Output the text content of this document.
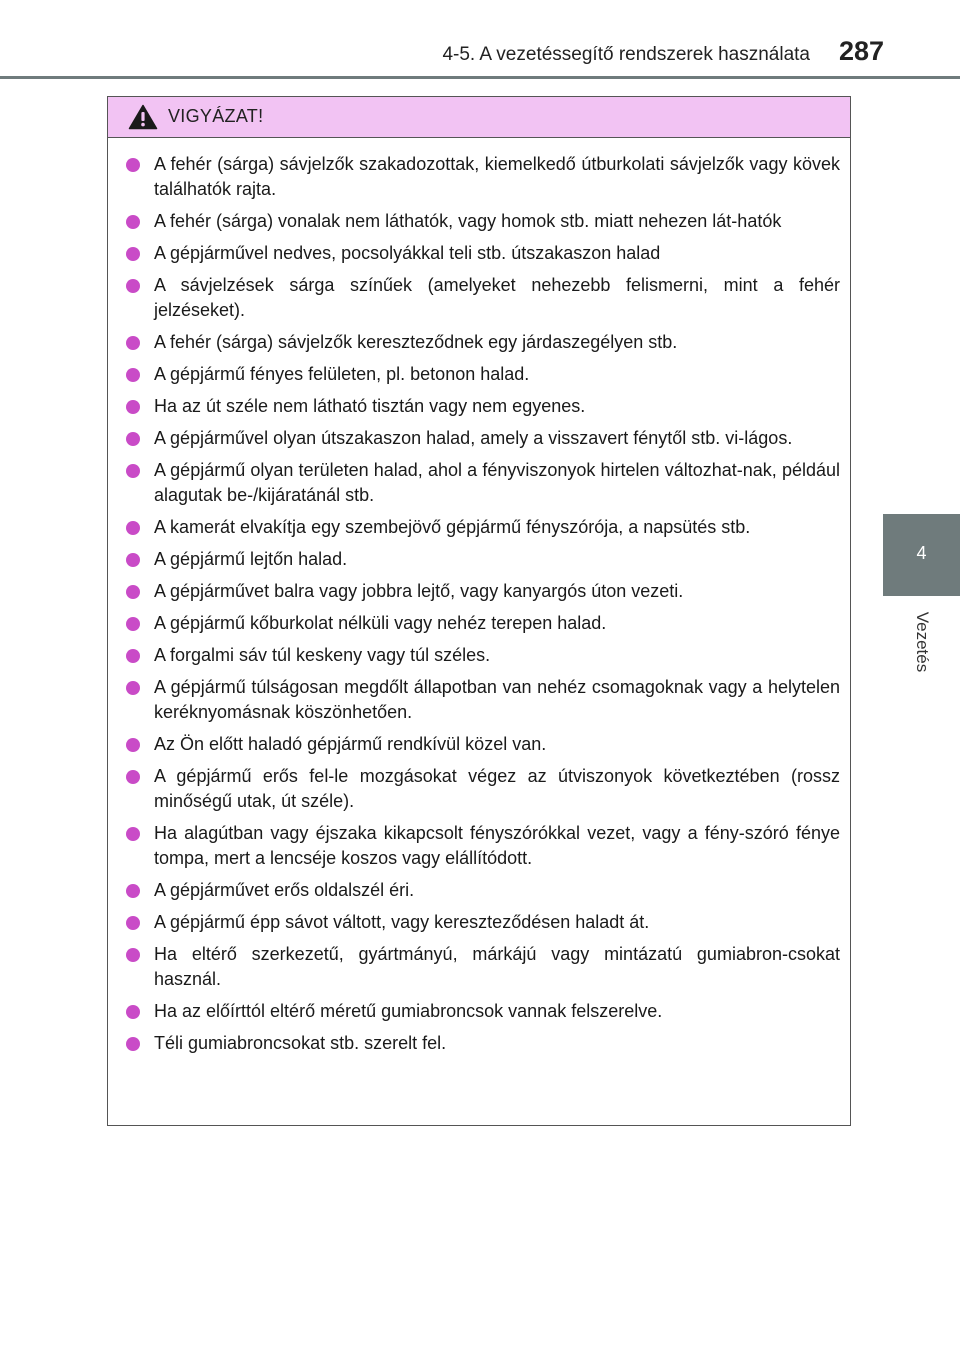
4-5. A vezetéssegítő rendszerek használata 287
4
Vezetés
VIGYÁZAT!
A fehér (sárga) sávjelzők szakadozottak, kiemelkedő útburkolati sávjelzők vagy kövek találhatók rajta.
A fehér (sárga) vonalak nem láthatók, vagy homok stb. miatt nehezen lát-hatók
A gépjárművel nedves, pocsolyákkal teli stb. útszakaszon halad
A sávjelzések sárga színűek (amelyeket nehezebb felismerni, mint a fehér jelzéseket).
A fehér (sárga) sávjelzők kereszteződnek egy járdaszegélyen stb.
A gépjármű fényes felületen, pl. betonon halad.
Ha az út széle nem látható tisztán vagy nem egyenes.
A gépjárművel olyan útszakaszon halad, amely a visszavert fénytől stb. vi-lágos.
A gépjármű olyan területen halad, ahol a fényviszonyok hirtelen változhat-nak, például alagutak be-/kijáratánál stb.
A kamerát elvakítja egy szembejövő gépjármű fényszórója, a napsütés stb.
A gépjármű lejtőn halad.
A gépjárművet balra vagy jobbra lejtő, vagy kanyargós úton vezeti.
A gépjármű kőburkolat nélküli vagy nehéz terepen halad.
A forgalmi sáv túl keskeny vagy túl széles.
A gépjármű túlságosan megdőlt állapotban van nehéz csomagoknak vagy a helytelen keréknyomásnak köszönhetően.
Az Ön előtt haladó gépjármű rendkívül közel van.
A gépjármű erős fel-le mozgásokat végez az útviszonyok következtében (rossz minőségű utak, út széle).
Ha alagútban vagy éjszaka kikapcsolt fényszórókkal vezet, vagy a fény-szóró fénye tompa, mert a lencséje koszos vagy elállítódott.
A gépjárművet erős oldalszél éri.
A gépjármű épp sávot váltott, vagy kereszteződésen haladt át.
Ha eltérő szerkezetű, gyártmányú, márkájú vagy mintázatú gumiabron-csokat használ.
Ha az előírttól eltérő méretű gumiabroncsok vannak felszerelve.
Téli gumiabroncsokat stb. szerelt fel.
